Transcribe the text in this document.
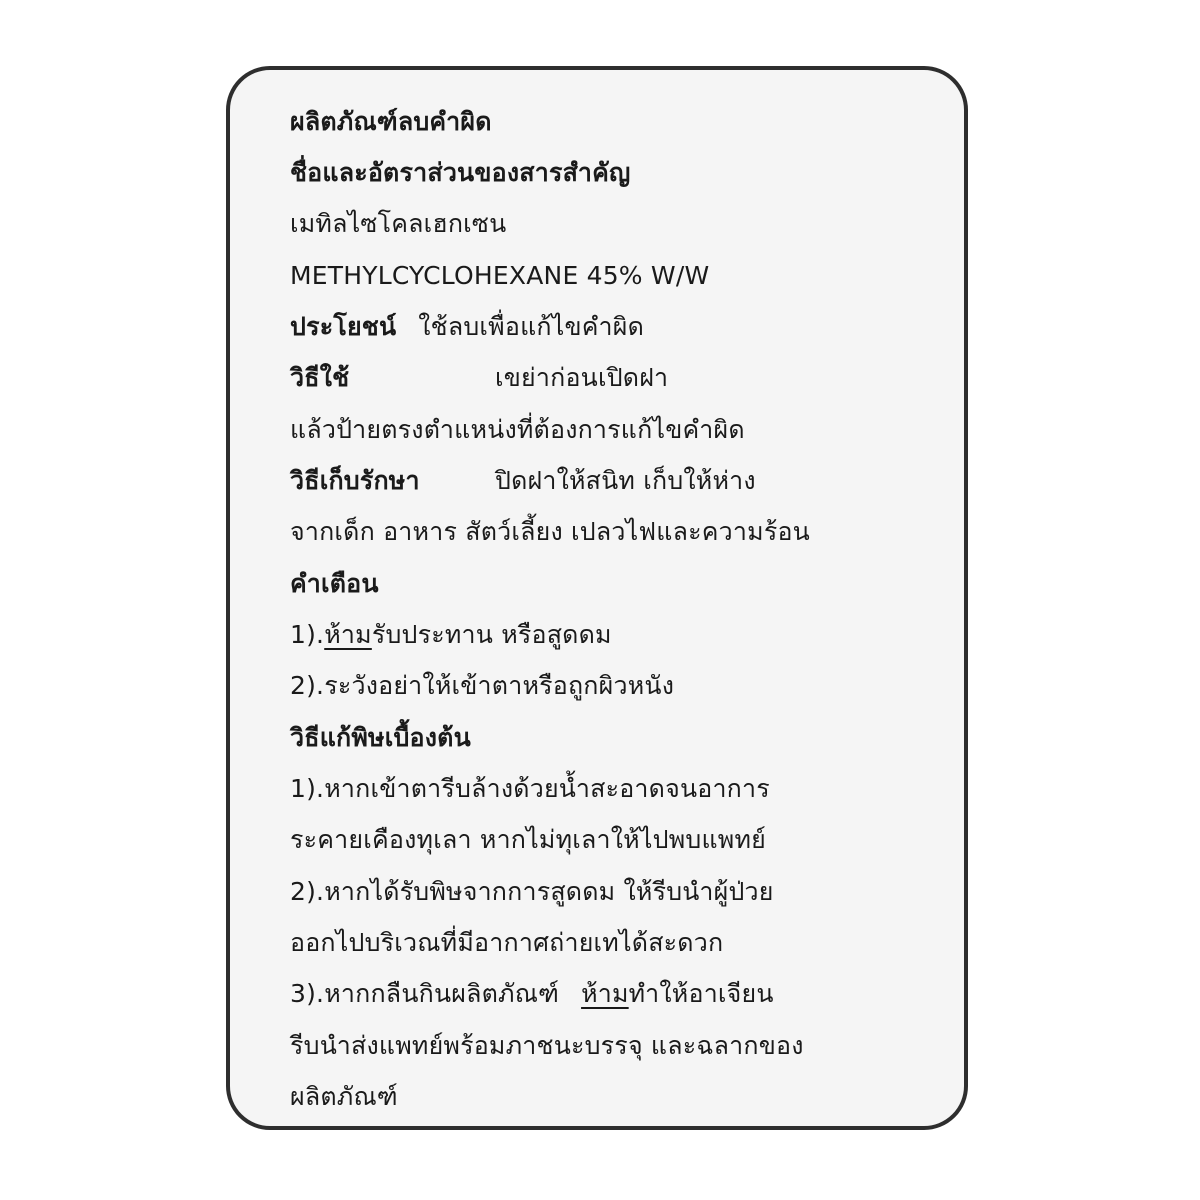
ผลิตภัณฑ์ลบคำผิด
ชื่อและอัตราส่วนของสารสำคัญ
เมทิลไซโคลเฮกเซน
METHYLCYCLOHEXANE 45% W/W
ประโยชน์ ใช้ลบเพื่อแก้ไขคำผิด
วิธีใช้	เขย่าก่อนเปิดฝา
แล้วป้ายตรงตำแหน่งที่ต้องการแก้ไขคำผิด
วิธีเก็บรักษา	ปิดฝาให้สนิท เก็บให้ห่าง
จากเด็ก อาหาร สัตว์เลี้ยง เปลวไฟและความร้อน
คำเตือน
1).ห้ามรับประทาน หรือสูดดม
2).ระวังอย่าให้เข้าตาหรือถูกผิวหนัง
วิธีแก้พิษเบื้องต้น
1).หากเข้าตารีบล้างด้วยน้ำสะอาดจนอาการ
ระคายเคืองทุเลา หากไม่ทุเลาให้ไปพบแพทย์
2).หากได้รับพิษจากการสูดดม ให้รีบนำผู้ป่วย
ออกไปบริเวณที่มีอากาศถ่ายเทได้สะดวก
3).หากกลืนกินผลิตภัณฑ์ ห้ามทำให้อาเจียน
รีบนำส่งแพทย์พร้อมภาชนะบรรจุ และฉลากของ
ผลิตภัณฑ์
